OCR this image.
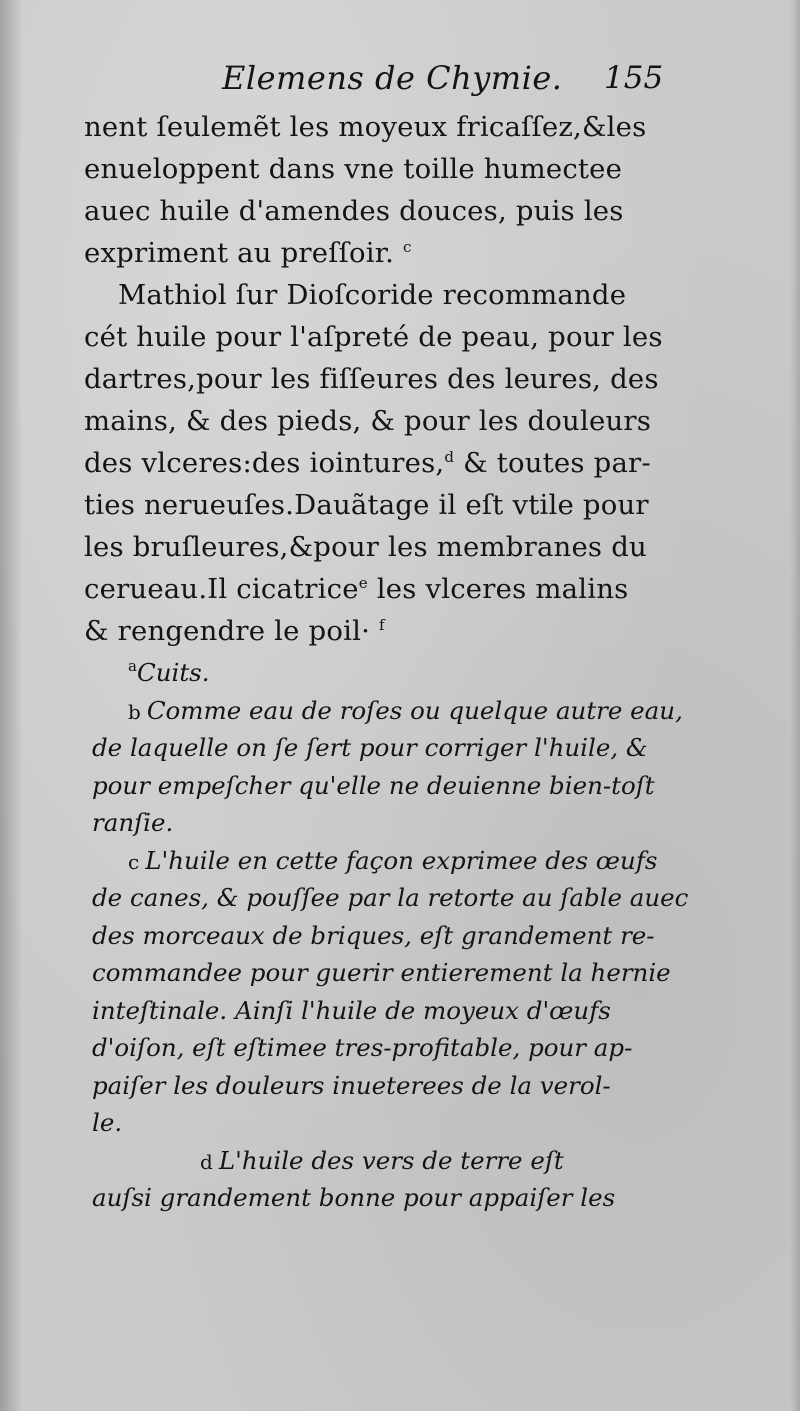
Elemens de Chymie. 155
nent ſeulemẽt les moyeux fricaſſez,&les
enueloppent dans vne toille humectee
auec huile d'amendes douces, puis les
expriment au preſſoir. $^c$
Mathiol ſur Dioſcoride recommande
cét huile pour l'aſpreté de peau, pour les
dartres,pour les fiſſeures des leures, des
mains, & des pieds, & pour les douleurs
des vlceres:des iointures,$^d$ & toutes par-
ties nerueuſes.Dauãtage il eſt vtile pour
les bruſleures,&pour les membranes du
cerueau.Il cicatrice$^e$ les vlceres malins
& rengendre le poil· $^f$
$^a$Cuits.
b Comme eau de roſes ou quelque autre eau,
de laquelle on ſe ſert pour corriger l'huile, &
pour empeſcher qu'elle ne deuienne bien-toſt
ranſie.
c L'huile en cette façon exprimee des œufs
de canes, & pouſſee par la retorte au ſable auec
des morceaux de briques, eſt grandement re-
commandee pour guerir entierement la hernie
inteſtinale. Ainſi l'huile de moyeux d'œufs
d'oiſon, eſt eſtimee tres-profitable, pour ap-
paiſer les douleurs inueterees de la verol-
le.
d L'huile des vers de terre eſt
auſsi grandement bonne pour appaiſer les
